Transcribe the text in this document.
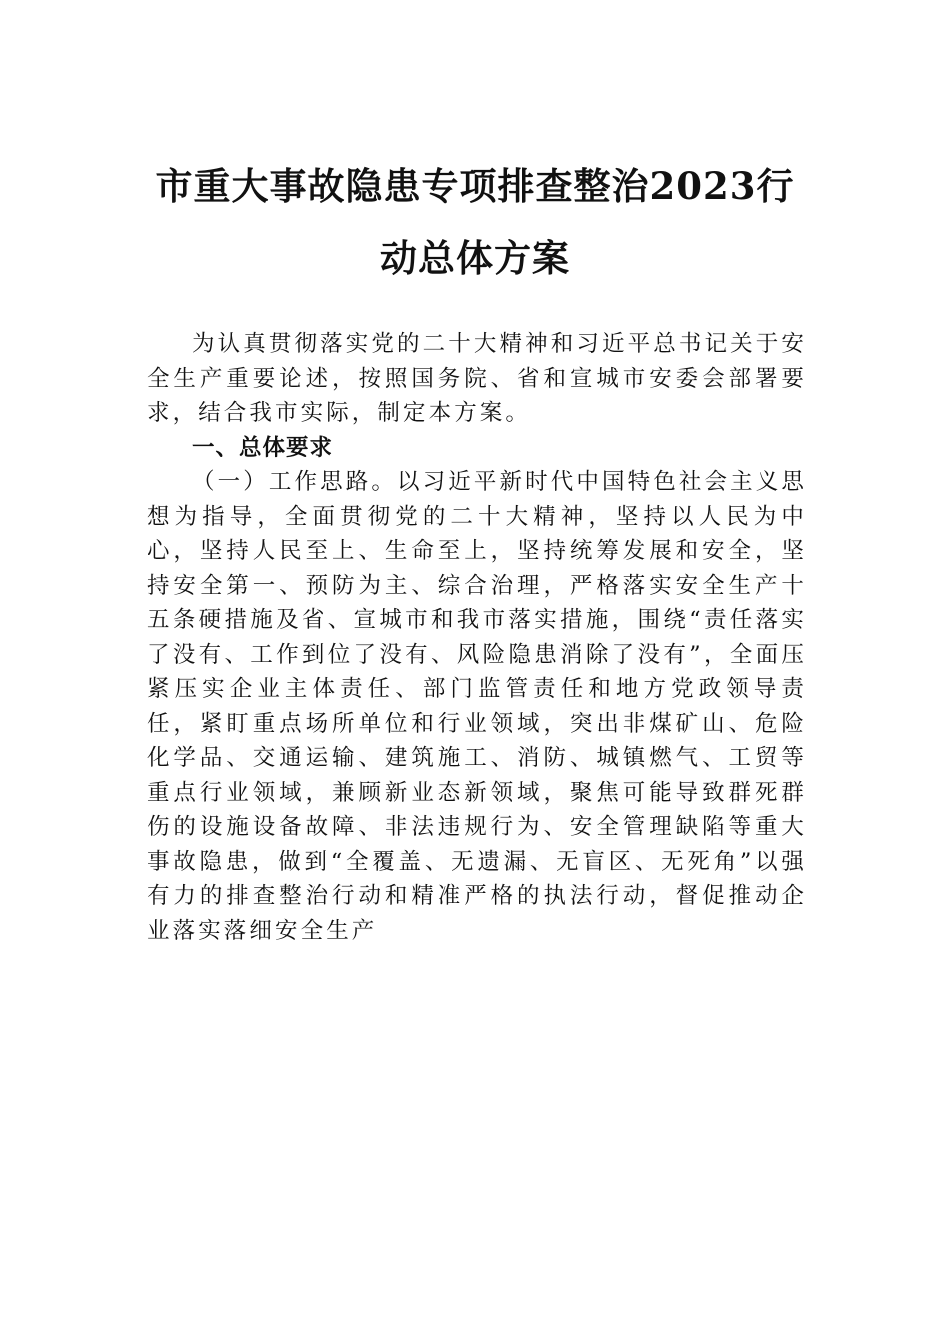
市重大事故隐患专项排查整治2023行动总体方案

为认真贯彻落实党的二十大精神和习近平总书记关于安全生产重要论述，按照国务院、省和宣城市安委会部署要求，结合我市实际，制定本方案。

一、总体要求

（一）工作思路。以习近平新时代中国特色社会主义思想为指导，全面贯彻党的二十大精神，坚持以人民为中心，坚持人民至上、生命至上，坚持统筹发展和安全，坚持安全第一、预防为主、综合治理，严格落实安全生产十五条硬措施及省、宣城市和我市落实措施，围绕“责任落实了没有、工作到位了没有、风险隐患消除了没有”，全面压紧压实企业主体责任、部门监管责任和地方党政领导责任，紧盯重点场所单位和行业领域，突出非煤矿山、危险化学品、交通运输、建筑施工、消防、城镇燃气、工贸等重点行业领域，兼顾新业态新领域，聚焦可能导致群死群伤的设施设备故障、非法违规行为、安全管理缺陷等重大事故隐患，做到“全覆盖、无遗漏、无盲区、无死角”以强有力的排查整治行动和精准严格的执法行动，督促推动企业落实落细安全生产
